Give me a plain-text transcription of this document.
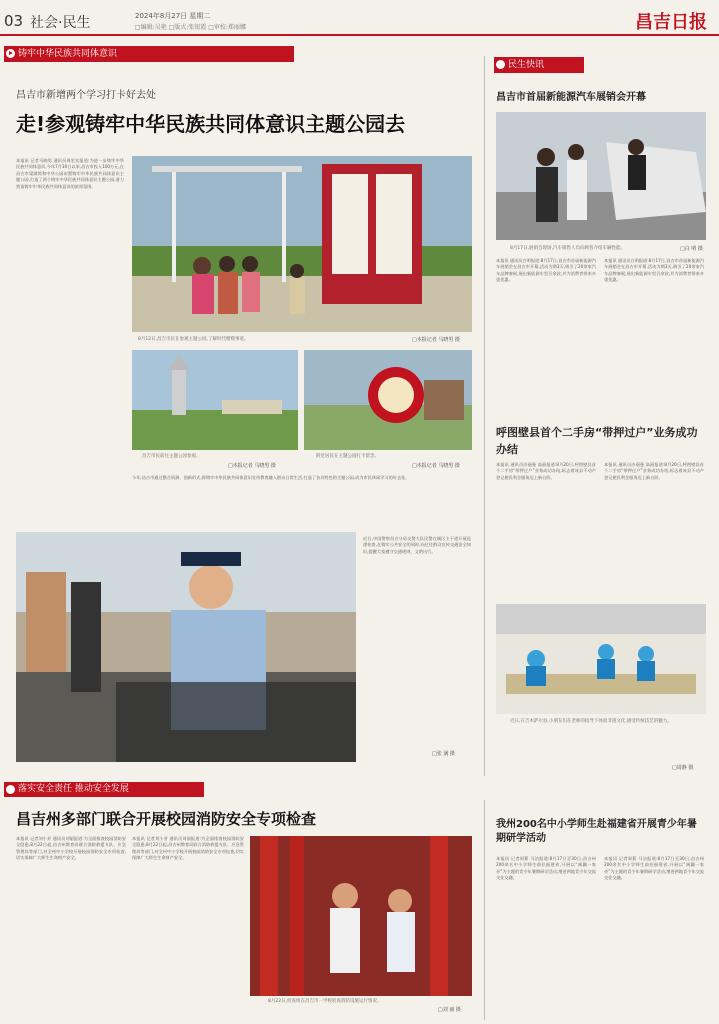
03 社会·民生	2024年8月27日 星期二
□编辑:吴艳 □版式:张银霞 □审校:郑丽娜	昌吉日报
铸牢中华民族共同体意识
民生快讯
昌吉市新增两个学习打卡好去处
走!参观铸牢中华民族共同体意识主题公园去
本报讯 记者马晓男 通讯员周宏宾报道:为进一步铸牢中华民族共同体意识,今年7月30日以来,昌吉市投入100万元,在昌吉市梁湖湾和中华公园布置铸牢中华民族共同体意识主题公园,打造了两个铸牢中华民族共同体意识主题公园,着力营造铸牢中华民族共同体意识的浓厚氛围。
8月12日,昌吉市民在参观主题公园,了解时代楷模事迹。	□本报记者 马晓男 摄
昌吉市民前往主题公园参观。
□本报记者 马晓男 摄
附近居民在主题公园打卡留念。
□本报记者 马晓男 摄
今年,昌吉市通过整合资源、创新形式,将铸牢中华民族共同体意识宣传教育融入群众日常生活,打造了各具特色的主题公园,成为市民休闲学习的好去处。
近日,中国警察昌吉分局交警大队民警在城区主干道开展巡逻检查,在铸牢公共安全的同时,向过往群众宣传交通安全知识,提醒大家遵守交通规则、文明出行。
□张 满 摄
昌吉市首届新能源汽车展销会开幕
8月17日,展销会现场,汽车销售人员向顾客介绍车辆性能。	□白 明 摄
本报讯 通讯员白明报道:8月17日,昌吉市首届新能源汽车展销会在昌吉市开幕,活动为期3天,吸引了20余家汽车品牌参展,展出新能源车型百余款,并为消费者带来多重优惠。
本报讯 通讯员白明报道:8月17日,昌吉市首届新能源汽车展销会在昌吉市开幕,活动为期3天,吸引了20余家汽车品牌参展,展出新能源车型百余款,并为消费者带来多重优惠。
呼图壁县首个二手房“带押过户”业务成功办结
本报讯 通讯员沙丽曼 高丽报道:8月20日,呼图壁县首个二手房“带押过户”业务成功办结,标志着该县不动产登记便民利企服务迈上新台阶。
本报讯 通讯员沙丽曼 高丽报道:8月20日,呼图壁县首个二手房“带押过户”业务成功办结,标志着该县不动产登记便民利企服务迈上新台阶。
近日,在吉木萨尔县,小朋友们在老师的指导下体验非遗文化,感受传统技艺的魅力。
□周静 摄
落实安全责任 推动安全发展
昌吉州多部门联合开展校园消防安全专项检查
本报讯 记者刘小芳 通讯员刘丽报道:为全面排查校园消防安全隐患,8月22日起,昌吉州教育局联合消防救援支队、应急管理局等部门,对全州中小学校开展校园消防安全专项检查,切实保障广大师生生命财产安全。
本报讯 记者刘小芳 通讯员刘丽报道:为全面排查校园消防安全隐患,8月22日起,昌吉州教育局联合消防救援支队、应急管理局等部门,对全州中小学校开展校园消防安全专项检查,切实保障广大师生生命财产安全。
8月22日,检查组在昌吉市一学校检查消防设施运行情况。
□刘 丽 摄
我州200名中小学师生赴福建省开展青少年暑期研学活动
本报讯 记者周莉 马洁报道:8月17日至30日,昌吉州200余名中小学师生前往福建省,开展以“闽疆一家亲”为主题的青少年暑期研学活动,增进两地青少年交流交往交融。
本报讯 记者周莉 马洁报道:8月17日至30日,昌吉州200余名中小学师生前往福建省,开展以“闽疆一家亲”为主题的青少年暑期研学活动,增进两地青少年交流交往交融。
